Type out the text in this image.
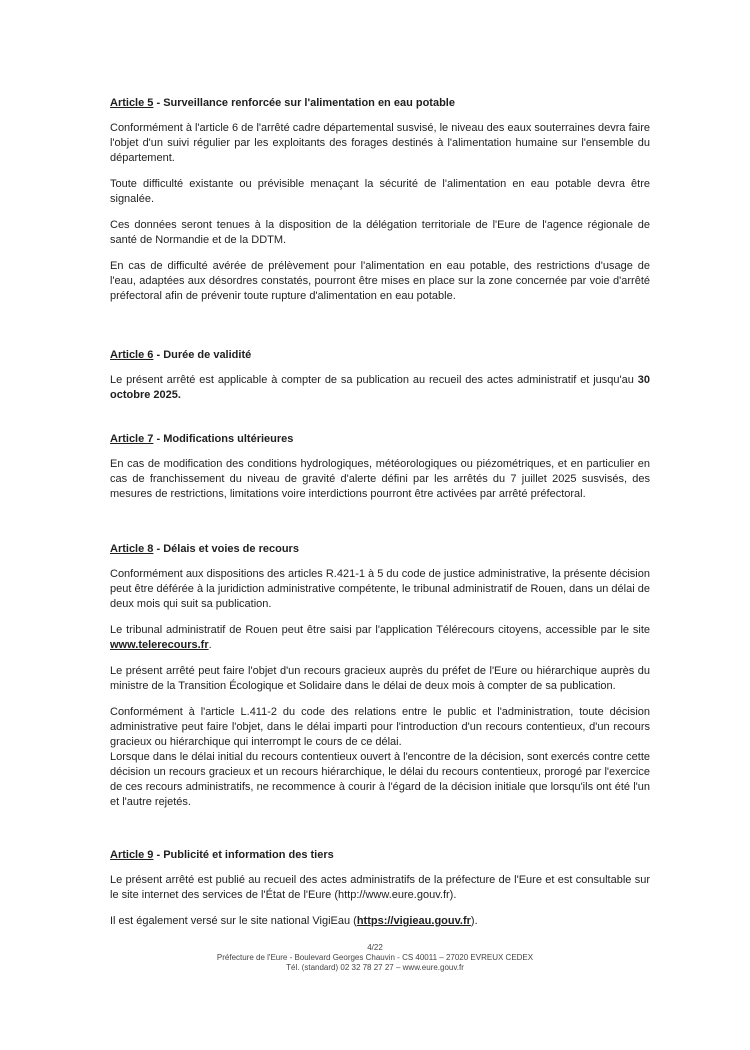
Article 5 - Surveillance renforcée sur l'alimentation en eau potable

Conformément à l'article 6 de l'arrêté cadre départemental susvisé, le niveau des eaux souterraines devra faire l'objet d'un suivi régulier par les exploitants des forages destinés à l'alimentation humaine sur l'ensemble du département.

Toute difficulté existante ou prévisible menaçant la sécurité de l'alimentation en eau potable devra être signalée.

Ces données seront tenues à la disposition de la délégation territoriale de l'Eure de l'agence régionale de santé de Normandie et de la DDTM.

En cas de difficulté avérée de prélèvement pour l'alimentation en eau potable, des restrictions d'usage de l'eau, adaptées aux désordres constatés, pourront être mises en place sur la zone concernée par voie d'arrêté préfectoral afin de prévenir toute rupture d'alimentation en eau potable.

Article 6 - Durée de validité

Le présent arrêté est applicable à compter de sa publication au recueil des actes administratif et jusqu'au 30 octobre 2025.

Article 7 - Modifications ultérieures

En cas de modification des conditions hydrologiques, météorologiques ou piézométriques, et en particulier en cas de franchissement du niveau de gravité d'alerte défini par les arrêtés du 7 juillet 2025 susvisés, des mesures de restrictions, limitations voire interdictions pourront être activées par arrêté préfectoral.

Article 8 - Délais et voies de recours

Conformément aux dispositions des articles R.421-1 à 5 du code de justice administrative, la présente décision peut être déférée à la juridiction administrative compétente, le tribunal administratif de Rouen, dans un délai de deux mois qui suit sa publication.

Le tribunal administratif de Rouen peut être saisi par l'application Télérecours citoyens, accessible par le site www.telerecours.fr.

Le présent arrêté peut faire l'objet d'un recours gracieux auprès du préfet de l'Eure ou hiérarchique auprès du ministre de la Transition Écologique et Solidaire dans le délai de deux mois à compter de sa publication.

Conformément à l'article L.411-2 du code des relations entre le public et l'administration, toute décision administrative peut faire l'objet, dans le délai imparti pour l'introduction d'un recours contentieux, d'un recours gracieux ou hiérarchique qui interrompt le cours de ce délai.

Lorsque dans le délai initial du recours contentieux ouvert à l'encontre de la décision, sont exercés contre cette décision un recours gracieux et un recours hiérarchique, le délai du recours contentieux, prorogé par l'exercice de ces recours administratifs, ne recommence à courir à l'égard de la décision initiale que lorsqu'ils ont été l'un et l'autre rejetés.

Article 9 - Publicité et information des tiers

Le présent arrêté est publié au recueil des actes administratifs de la préfecture de l'Eure et est consultable sur le site internet des services de l'État de l'Eure (http://www.eure.gouv.fr).

Il est également versé sur le site national VigiEau (https://vigieau.gouv.fr).

4/22
Préfecture de l'Eure - Boulevard Georges Chauvin - CS 40011 – 27020 EVREUX CEDEX
Tél. (standard) 02 32 78 27 27 – www.eure.gouv.fr
